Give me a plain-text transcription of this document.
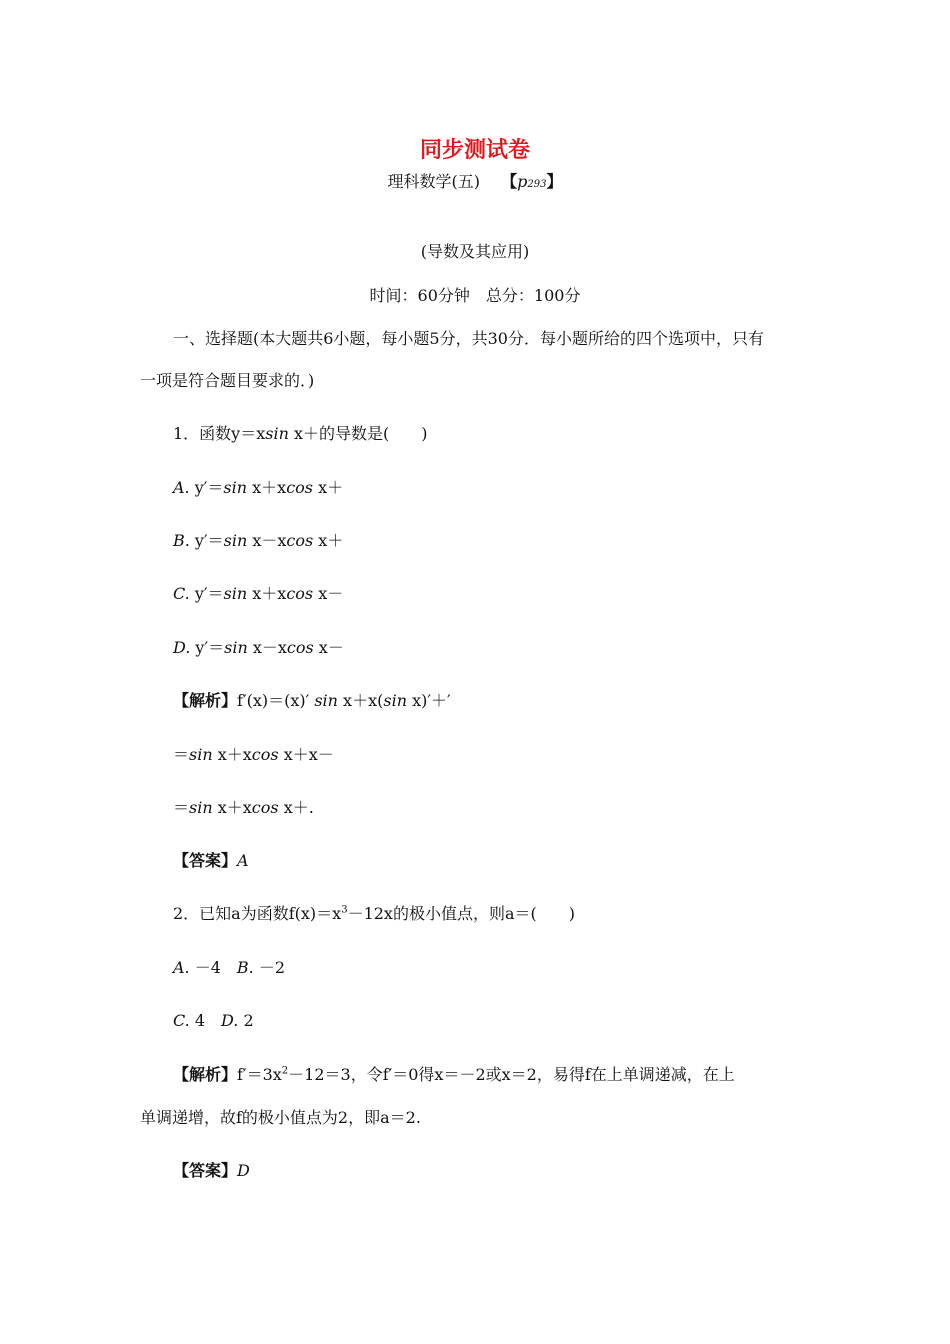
同步测试卷
理科数学(五)　 【p293】
(导数及其应用)
时间：60分钟　总分：100分
一、选择题(本大题共6小题，每小题5分，共30分．每小题所给的四个选项中，只有
一项是符合题目要求的．)
1．函数y＝xsin x＋的导数是(　　)
A. y′＝sin x＋xcos x＋
B. y′＝sin x－xcos x＋
C. y′＝sin x＋xcos x－
D. y′＝sin x－xcos x－
【解析】f′(x)＝(x)′ sin x＋x(sin x)′＋′
＝sin x＋xcos x＋x－
＝sin x＋xcos x＋.
【答案】A
2．已知a为函数$f(x)=x^3-12x$的极小值点，则a＝(　　)
A. －4　B. －2
C. 4　D. 2
【解析】$f'=3x^2-12=3$，令f′＝0得x＝－2或x＝2，易得f在上单调递减，在上
单调递增，故f的极小值点为2，即a＝2.
【答案】D
